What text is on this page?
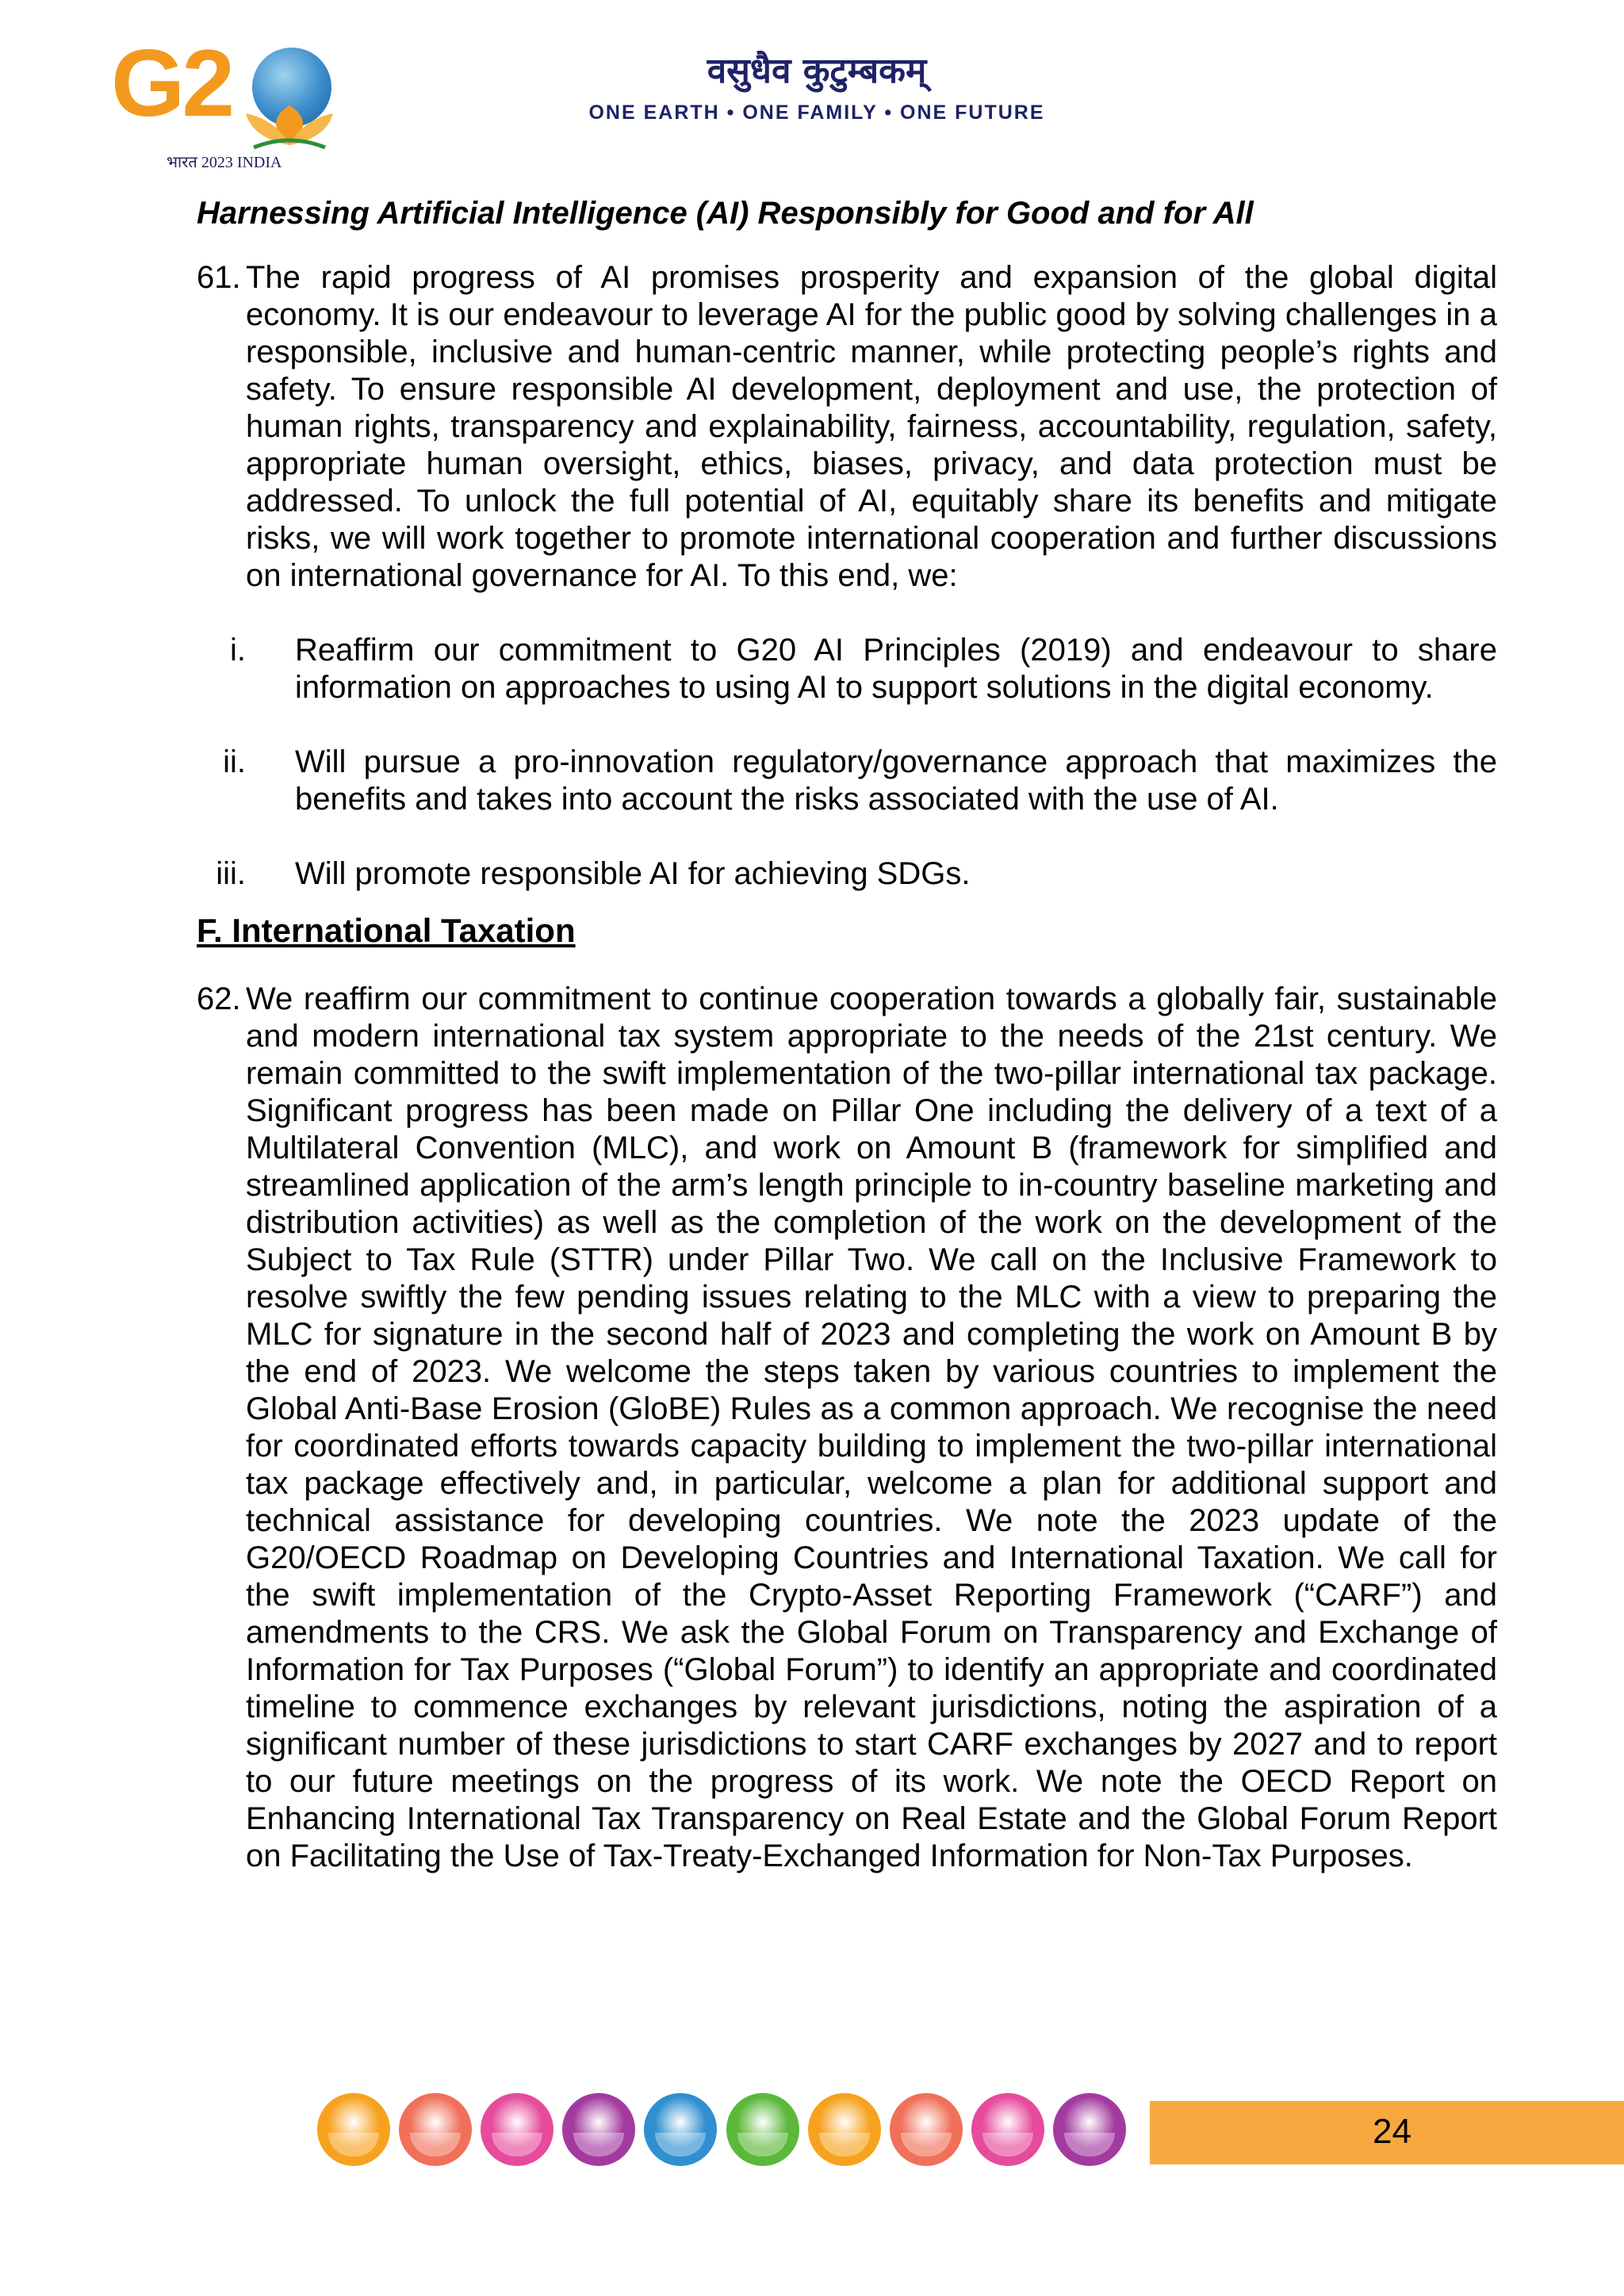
G2
भारत 2023 INDIA
वसुधैव कुटुम्बकम्
ONE EARTH • ONE FAMILY • ONE FUTURE
Harnessing Artificial Intelligence (AI) Responsibly for Good and for All
61. The rapid progress of AI promises prosperity and expansion of the global digital economy. It is our endeavour to leverage AI for the public good by solving challenges in a responsible, inclusive and human-centric manner, while protecting people’s rights and safety. To ensure responsible AI development, deployment and use, the protection of human rights, transparency and explainability, fairness, accountability, regulation, safety, appropriate human oversight, ethics, biases, privacy, and data protection must be addressed. To unlock the full potential of AI, equitably share its benefits and mitigate risks, we will work together to promote international cooperation and further discussions on international governance for AI. To this end, we:
i.	Reaffirm our commitment to G20 AI Principles (2019) and endeavour to share information on approaches to using AI to support solutions in the digital economy.
ii.	Will pursue a pro-innovation regulatory/governance approach that maximizes the benefits and takes into account the risks associated with the use of AI.
iii.	Will promote responsible AI for achieving SDGs.
F. International Taxation
62. We reaffirm our commitment to continue cooperation towards a globally fair, sustainable and modern international tax system appropriate to the needs of the 21st century. We remain committed to the swift implementation of the two-pillar international tax package. Significant progress has been made on Pillar One including the delivery of a text of a Multilateral Convention (MLC), and work on Amount B (framework for simplified and streamlined application of the arm’s length principle to in-country baseline marketing and distribution activities) as well as the completion of the work on the development of the Subject to Tax Rule (STTR) under Pillar Two. We call on the Inclusive Framework to resolve swiftly the few pending issues relating to the MLC with a view to preparing the MLC for signature in the second half of 2023 and completing the work on Amount B by the end of 2023. We welcome the steps taken by various countries to implement the Global Anti-Base Erosion (GloBE) Rules as a common approach. We recognise the need for coordinated efforts towards capacity building to implement the two-pillar international tax package effectively and, in particular, welcome a plan for additional support and technical assistance for developing countries. We note the 2023 update of the G20/OECD Roadmap on Developing Countries and International Taxation. We call for the swift implementation of the Crypto-Asset Reporting Framework (“CARF”) and amendments to the CRS. We ask the Global Forum on Transparency and Exchange of Information for Tax Purposes (“Global Forum”) to identify an appropriate and coordinated timeline to commence exchanges by relevant jurisdictions, noting the aspiration of a significant number of these jurisdictions to start CARF exchanges by 2027 and to report to our future meetings on the progress of its work. We note the OECD Report on Enhancing International Tax Transparency on Real Estate and the Global Forum Report on Facilitating the Use of Tax-Treaty-Exchanged Information for Non-Tax Purposes.
24
